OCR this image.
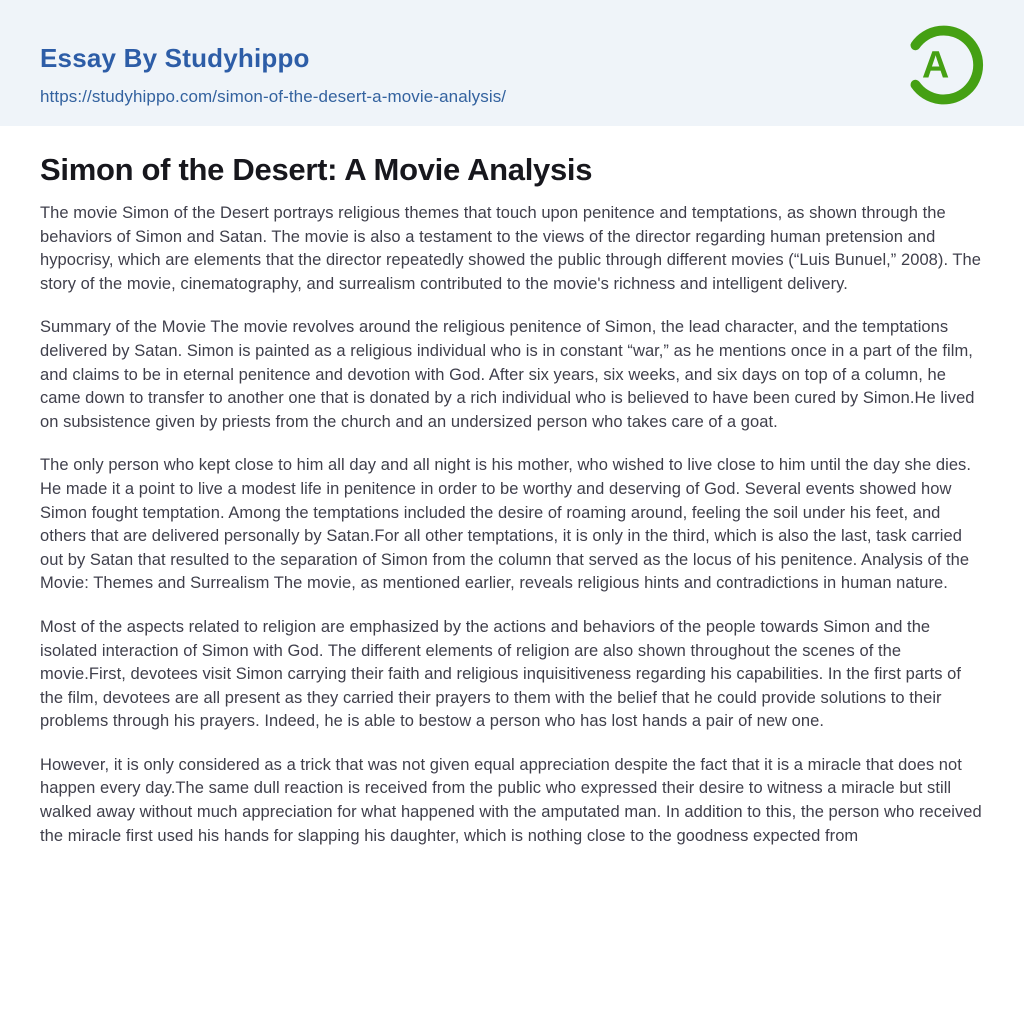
Essay By Studyhippo
https://studyhippo.com/simon-of-the-desert-a-movie-analysis/
A
Simon of the Desert: A Movie Analysis

The movie Simon of the Desert portrays religious themes that touch upon penitence and temptations, as shown through the behaviors of Simon and Satan. The movie is also a testament to the views of the director regarding human pretension and hypocrisy, which are elements that the director repeatedly showed the public through different movies (“Luis Bunuel,” 2008). The story of the movie, cinematography, and surrealism contributed to the movie's richness and intelligent delivery.

Summary of the Movie The movie revolves around the religious penitence of Simon, the lead character, and the temptations delivered by Satan. Simon is painted as a religious individual who is in constant “war,” as he mentions once in a part of the film, and claims to be in eternal penitence and devotion with God. After six years, six weeks, and six days on top of a column, he came down to transfer to another one that is donated by a rich individual who is believed to have been cured by Simon.He lived on subsistence given by priests from the church and an undersized person who takes care of a goat.

The only person who kept close to him all day and all night is his mother, who wished to live close to him until the day she dies. He made it a point to live a modest life in penitence in order to be worthy and deserving of God. Several events showed how Simon fought temptation. Among the temptations included the desire of roaming around, feeling the soil under his feet, and others that are delivered personally by Satan.For all other temptations, it is only in the third, which is also the last, task carried out by Satan that resulted to the separation of Simon from the column that served as the locus of his penitence. Analysis of the Movie: Themes and Surrealism The movie, as mentioned earlier, reveals religious hints and contradictions in human nature.

Most of the aspects related to religion are emphasized by the actions and behaviors of the people towards Simon and the isolated interaction of Simon with God. The different elements of religion are also shown throughout the scenes of the movie.First, devotees visit Simon carrying their faith and religious inquisitiveness regarding his capabilities. In the first parts of the film, devotees are all present as they carried their prayers to them with the belief that he could provide solutions to their problems through his prayers. Indeed, he is able to bestow a person who has lost hands a pair of new one.

However, it is only considered as a trick that was not given equal appreciation despite the fact that it is a miracle that does not happen every day.The same dull reaction is received from the public who expressed their desire to witness a miracle but still walked away without much appreciation for what happened with the amputated man. In addition to this, the person who received the miracle first used his hands for slapping his daughter, which is nothing close to the goodness expected from
